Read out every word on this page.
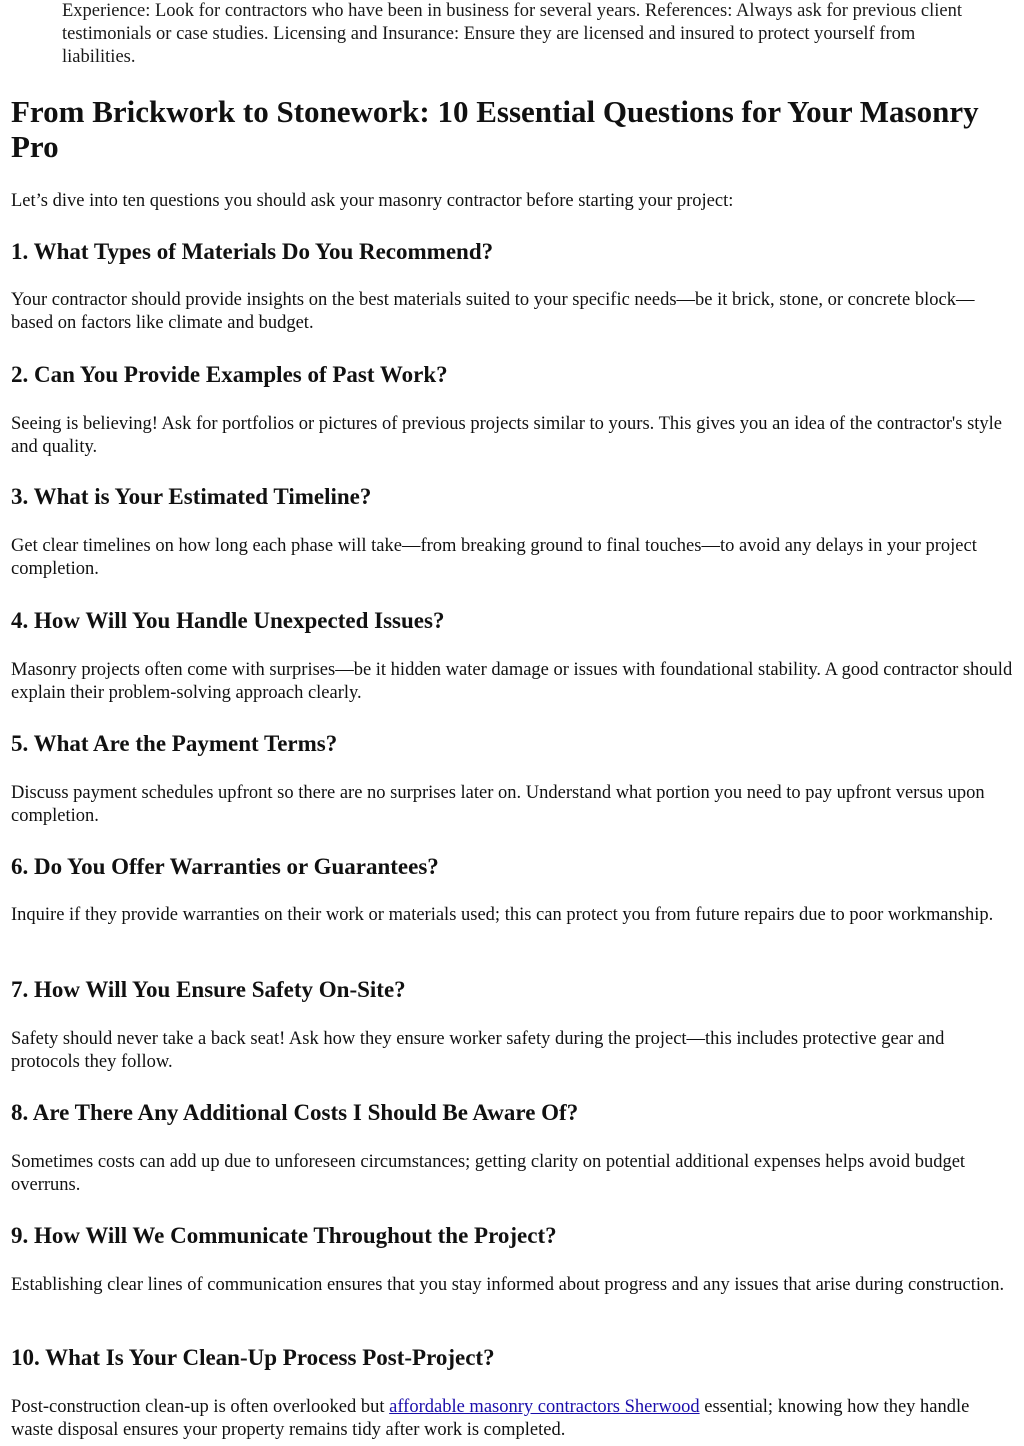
Experience: Look for contractors who have been in business for several years. References: Always ask for previous client testimonials or case studies. Licensing and Insurance: Ensure they are licensed and insured to protect yourself from liabilities.
From Brickwork to Stonework: 10 Essential Questions for Your Masonry Pro

Let’s dive into ten questions you should ask your masonry contractor before starting your project:

1. What Types of Materials Do You Recommend?

Your contractor should provide insights on the best materials suited to your specific needs—be it brick, stone, or concrete block—based on factors like climate and budget.

2. Can You Provide Examples of Past Work?

Seeing is believing! Ask for portfolios or pictures of previous projects similar to yours. This gives you an idea of the contractor's style and quality.

3. What is Your Estimated Timeline?

Get clear timelines on how long each phase will take—from breaking ground to final touches—to avoid any delays in your project completion.

4. How Will You Handle Unexpected Issues?

Masonry projects often come with surprises—be it hidden water damage or issues with foundational stability. A good contractor should explain their problem-solving approach clearly.

5. What Are the Payment Terms?

Discuss payment schedules upfront so there are no surprises later on. Understand what portion you need to pay upfront versus upon completion.

6. Do You Offer Warranties or Guarantees?

Inquire if they provide warranties on their work or materials used; this can protect you from future repairs due to poor workmanship.

7. How Will You Ensure Safety On-Site?

Safety should never take a back seat! Ask how they ensure worker safety during the project—this includes protective gear and protocols they follow.

8. Are There Any Additional Costs I Should Be Aware Of?

Sometimes costs can add up due to unforeseen circumstances; getting clarity on potential additional expenses helps avoid budget overruns.

9. How Will We Communicate Throughout the Project?

Establishing clear lines of communication ensures that you stay informed about progress and any issues that arise during construction.

10. What Is Your Clean-Up Process Post-Project?

Post-construction clean-up is often overlooked but affordable masonry contractors Sherwood essential; knowing how they handle waste disposal ensures your property remains tidy after work is completed.
